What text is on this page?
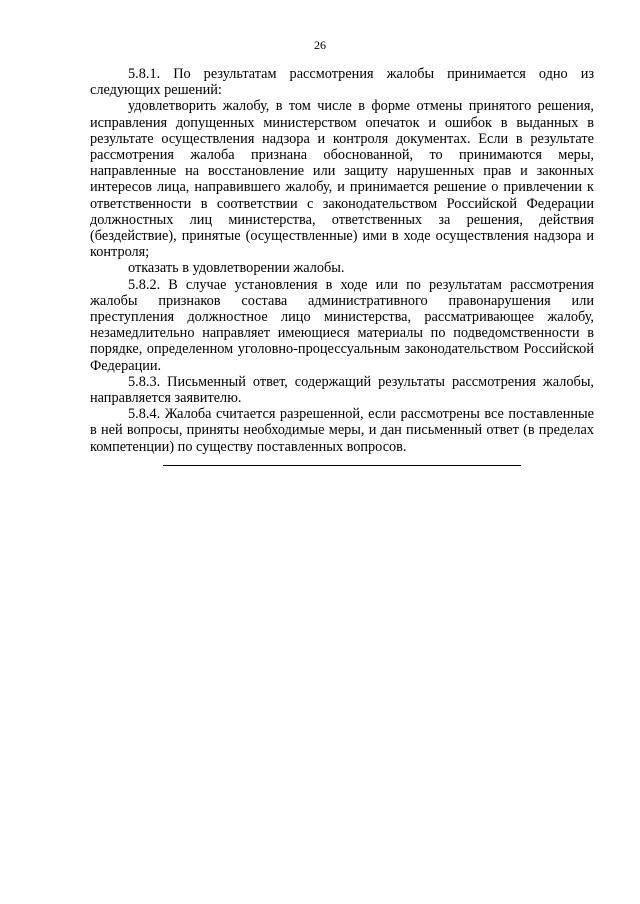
26

5.8.1. По результатам рассмотрения жалобы принимается одно из следующих решений:

удовлетворить жалобу, в том числе в форме отмены принятого решения, исправления допущенных министерством опечаток и ошибок в выданных в результате осуществления надзора и контроля документах. Если в результате рассмотрения жалоба признана обоснованной, то принимаются меры, направленные на восстановление или защиту нарушенных прав и законных интересов лица, направившего жалобу, и принимается решение о привлечении к ответственности в соответствии с законодательством Российской Федерации должностных лиц министерства, ответственных за решения, действия (бездействие), принятые (осуществленные) ими в ходе осуществления надзора и контроля;

отказать в удовлетворении жалобы.

5.8.2. В случае установления в ходе или по результатам рассмотрения жалобы признаков состава административного правонарушения или преступления должностное лицо министерства, рассматривающее жалобу, незамедлительно направляет имеющиеся материалы по подведомственности в порядке, определенном уголовно-процессуальным законодательством Российской Федерации.

5.8.3. Письменный ответ, содержащий результаты рассмотрения жалобы, направляется заявителю.

5.8.4. Жалоба считается разрешенной, если рассмотрены все поставленные в ней вопросы, приняты необходимые меры, и дан письменный ответ (в пределах компетенции) по существу поставленных вопросов.
